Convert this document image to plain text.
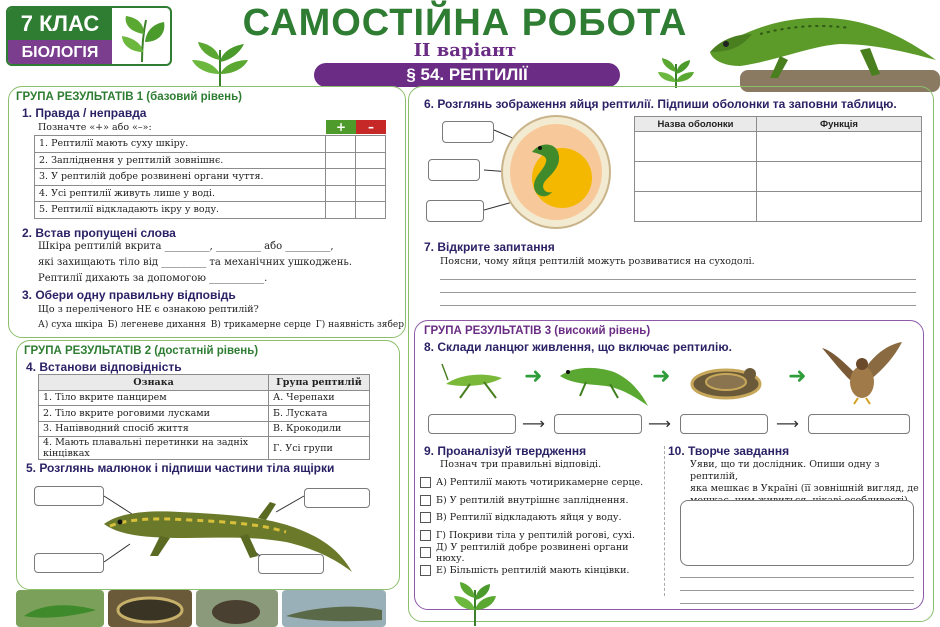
7 КЛАС
БІОЛОГІЯ
САМОСТІЙНА РОБОТА
II варіант
§ 54. РЕПТИЛІЇ
ГРУПА РЕЗУЛЬТАТІВ 1 (базовий рівень)
1. Правда / неправда
Позначте «+» або «–»:	+	–
1. Рептилії мають суху шкіру.		
2. Запліднення у рептилій зовнішнє.		
3. У рептилій добре розвинені органи чуття.		
4. Усі рептилії живуть лише у воді.		
5. Рептилії відкладають ікру у воду.		
2. Встав пропущені слова
Шкіра рептилій вкрита _________, _________ або _________,
які захищають тіло від _________ та механічних ушкоджень.
Рептилії дихають за допомогою ___________.
3. Обери одну правильну відповідь
Що з переліченого НЕ є ознакою рептилій?
А) суха шкіра Б) легеневе дихання В) трикамерне серце Г) наявність зябер
ГРУПА РЕЗУЛЬТАТІВ 2 (достатній рівень)
4. Встанови відповідність
Ознака	Група рептилій
1. Тіло вкрите панцирем	А. Черепахи
2. Тіло вкрите роговими лусками	Б. Луската
3. Напівводний спосіб життя	В. Крокодили
4. Мають плавальні перетинки на задніх кінцівках	Г. Усі групи
5. Розглянь малюнок і підпиши частини тіла ящірки
6. Розглянь зображення яйця рептилії. Підпиши оболонки та заповни таблицю.
Назва оболонки	Функція

7. Відкрите запитання
Поясни, чому яйця рептилій можуть розвиватися на суходолі.
ГРУПА РЕЗУЛЬТАТІВ 3 (високий рівень)
8. Склади ланцюг живлення, що включає рептилію.
➜	➜	➜
⟶	⟶	⟶
9. Проаналізуй твердження
Познач три правильні відповіді.
А) Рептилії мають чотирикамерне серце.
Б) У рептилій внутрішнє запліднення.
В) Рептилії відкладають яйця у воду.
Г) Покриви тіла у рептилій рогові, сухі.
Д) У рептилій добре розвинені органи нюху.
Е) Більшість рептилій мають кінцівки.
10. Творче завдання
Уяви, що ти дослідник. Опиши одну з рептилій,
яка мешкає в Україні (її зовнішній вигляд, де
